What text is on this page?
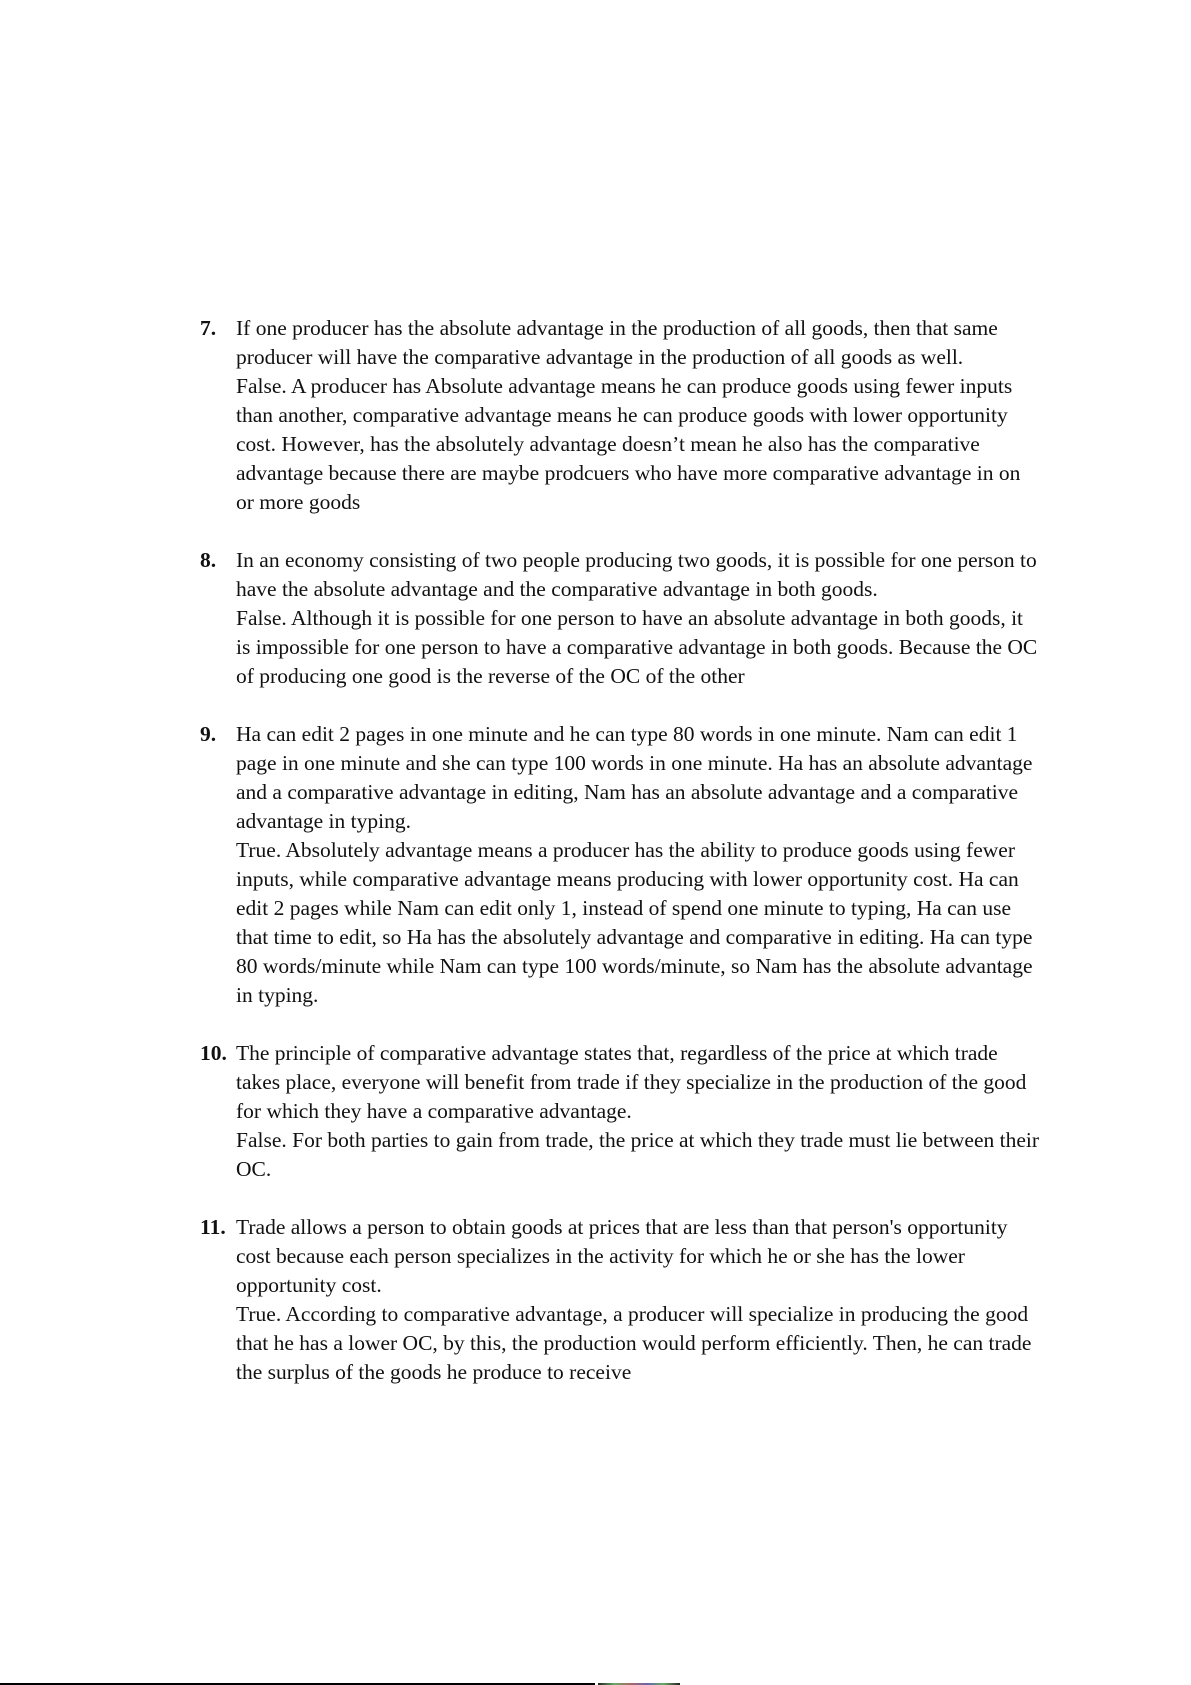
7. If one producer has the absolute advantage in the production of all goods, then that same producer will have the comparative advantage in the production of all goods as well.

False. A producer has Absolute advantage means he can produce goods using fewer inputs than another, comparative advantage means he can produce goods with lower opportunity cost. However, has the absolutely advantage doesn’t mean he also has the comparative advantage because there are maybe prodcuers who have more comparative advantage in on or more goods

8. In an economy consisting of two people producing two goods, it is possible for one person to have the absolute advantage and the comparative advantage in both goods.

False. Although it is possible for one person to have an absolute advantage in both goods, it is impossible for one person to have a comparative advantage in both goods. Because the OC of producing one good is the reverse of the OC of the other

9. Ha can edit 2 pages in one minute and he can type 80 words in one minute. Nam can edit 1 page in one minute and she can type 100 words in one minute. Ha has an absolute advantage and a comparative advantage in editing, Nam has an absolute advantage and a comparative advantage in typing.

True. Absolutely advantage means a producer has the ability to produce goods using fewer inputs, while comparative advantage means producing with lower opportunity cost. Ha can edit 2 pages while Nam can edit only 1, instead of spend one minute to typing, Ha can use that time to edit, so Ha has the absolutely advantage and comparative in editing. Ha can type 80 words/minute while Nam can type 100 words/minute, so Nam has the absolute advantage in typing.

10. The principle of comparative advantage states that, regardless of the price at which trade takes place, everyone will benefit from trade if they specialize in the production of the good for which they have a comparative advantage.

False. For both parties to gain from trade, the price at which they trade must lie between their OC.

11. Trade allows a person to obtain goods at prices that are less than that person's opportunity cost because each person specializes in the activity for which he or she has the lower opportunity cost.

True. According to comparative advantage, a producer will specialize in producing the good that he has a lower OC, by this, the production would perform efficiently. Then, he can trade the surplus of the goods he produce to receive
